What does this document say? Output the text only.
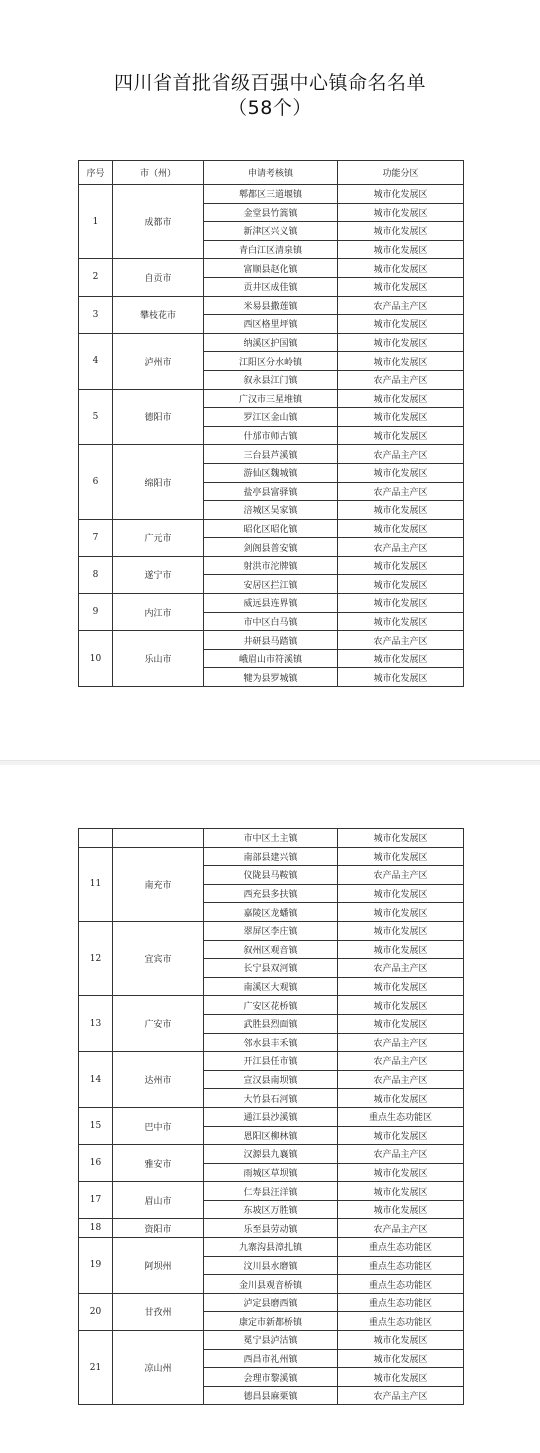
四川省首批省级百强中心镇命名名单
（58个）
序号	市（州）	申请考核镇	功能分区
1	成都市	郫都区三道堰镇	城市化发展区
		金堂县竹篙镇	城市化发展区
		新津区兴义镇	城市化发展区
		青白江区清泉镇	城市化发展区
2	自贡市	富顺县赵化镇	城市化发展区
		贡井区成佳镇	城市化发展区
3	攀枝花市	米易县撒莲镇	农产品主产区
		西区格里坪镇	城市化发展区
4	泸州市	纳溪区护国镇	城市化发展区
		江阳区分水岭镇	城市化发展区
		叙永县江门镇	农产品主产区
5	德阳市	广汉市三星堆镇	城市化发展区
		罗江区金山镇	城市化发展区
		什邡市师古镇	城市化发展区
6	绵阳市	三台县芦溪镇	农产品主产区
		游仙区魏城镇	城市化发展区
		盐亭县富驿镇	农产品主产区
		涪城区吴家镇	城市化发展区
7	广元市	昭化区昭化镇	城市化发展区
		剑阁县普安镇	农产品主产区
8	遂宁市	射洪市沱牌镇	城市化发展区
		安居区拦江镇	城市化发展区
9	内江市	威远县连界镇	城市化发展区
		市中区白马镇	城市化发展区
10	乐山市	井研县马踏镇	农产品主产区
		峨眉山市符溪镇	城市化发展区
		犍为县罗城镇	城市化发展区
		市中区土主镇	城市化发展区
11	南充市	南部县建兴镇	城市化发展区
		仪陇县马鞍镇	农产品主产区
		西充县多扶镇	城市化发展区
		嘉陵区龙蟠镇	城市化发展区
12	宜宾市	翠屏区李庄镇	城市化发展区
		叙州区观音镇	城市化发展区
		长宁县双河镇	农产品主产区
		南溪区大观镇	城市化发展区
13	广安市	广安区花桥镇	城市化发展区
		武胜县烈面镇	城市化发展区
		邻水县丰禾镇	农产品主产区
14	达州市	开江县任市镇	农产品主产区
		宣汉县南坝镇	农产品主产区
		大竹县石河镇	城市化发展区
15	巴中市	通江县沙溪镇	重点生态功能区
		恩阳区柳林镇	城市化发展区
16	雅安市	汉源县九襄镇	农产品主产区
		雨城区草坝镇	城市化发展区
17	眉山市	仁寿县汪洋镇	城市化发展区
		东坡区万胜镇	城市化发展区
18	资阳市	乐至县劳动镇	农产品主产区
19	阿坝州	九寨沟县漳扎镇	重点生态功能区
		汶川县水磨镇	重点生态功能区
		金川县观音桥镇	重点生态功能区
20	甘孜州	泸定县磨西镇	重点生态功能区
		康定市新都桥镇	重点生态功能区
21	凉山州	冕宁县泸沽镇	城市化发展区
		西昌市礼州镇	城市化发展区
		会理市黎溪镇	城市化发展区
		德昌县麻栗镇	农产品主产区
